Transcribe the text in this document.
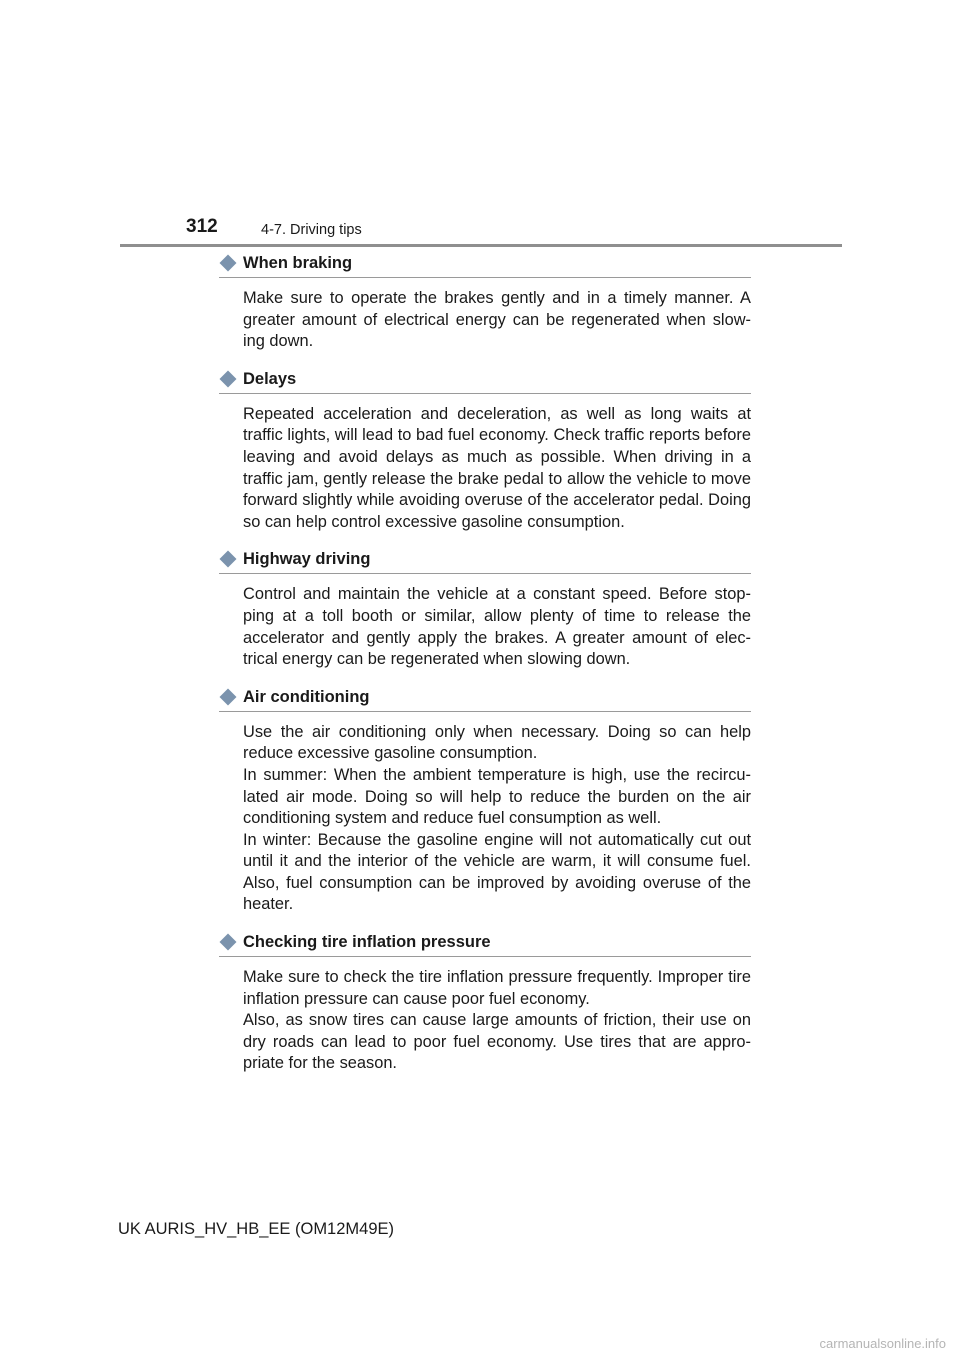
312	4-7. Driving tips
When braking

Make sure to operate the brakes gently and in a timely manner. A greater amount of electrical energy can be regenerated when slow-ing down.

Delays

Repeated acceleration and deceleration, as well as long waits at traffic lights, will lead to bad fuel economy. Check traffic reports before leaving and avoid delays as much as possible. When driving in a traffic jam, gently release the brake pedal to allow the vehicle to move forward slightly while avoiding overuse of the accelerator pedal. Doing so can help control excessive gasoline consumption.

Highway driving

Control and maintain the vehicle at a constant speed. Before stop-ping at a toll booth or similar, allow plenty of time to release the accelerator and gently apply the brakes. A greater amount of elec-trical energy can be regenerated when slowing down.

Air conditioning

Use the air conditioning only when necessary. Doing so can help reduce excessive gasoline consumption.

In summer: When the ambient temperature is high, use the recircu-lated air mode. Doing so will help to reduce the burden on the air conditioning system and reduce fuel consumption as well.

In winter: Because the gasoline engine will not automatically cut out until it and the interior of the vehicle are warm, it will consume fuel. Also, fuel consumption can be improved by avoiding overuse of the heater.

Checking tire inflation pressure

Make sure to check the tire inflation pressure frequently. Improper tire inflation pressure can cause poor fuel economy.

Also, as snow tires can cause large amounts of friction, their use on dry roads can lead to poor fuel economy. Use tires that are appro-priate for the season.

UK AURIS_HV_HB_EE (OM12M49E)
carmanualsonline.info
